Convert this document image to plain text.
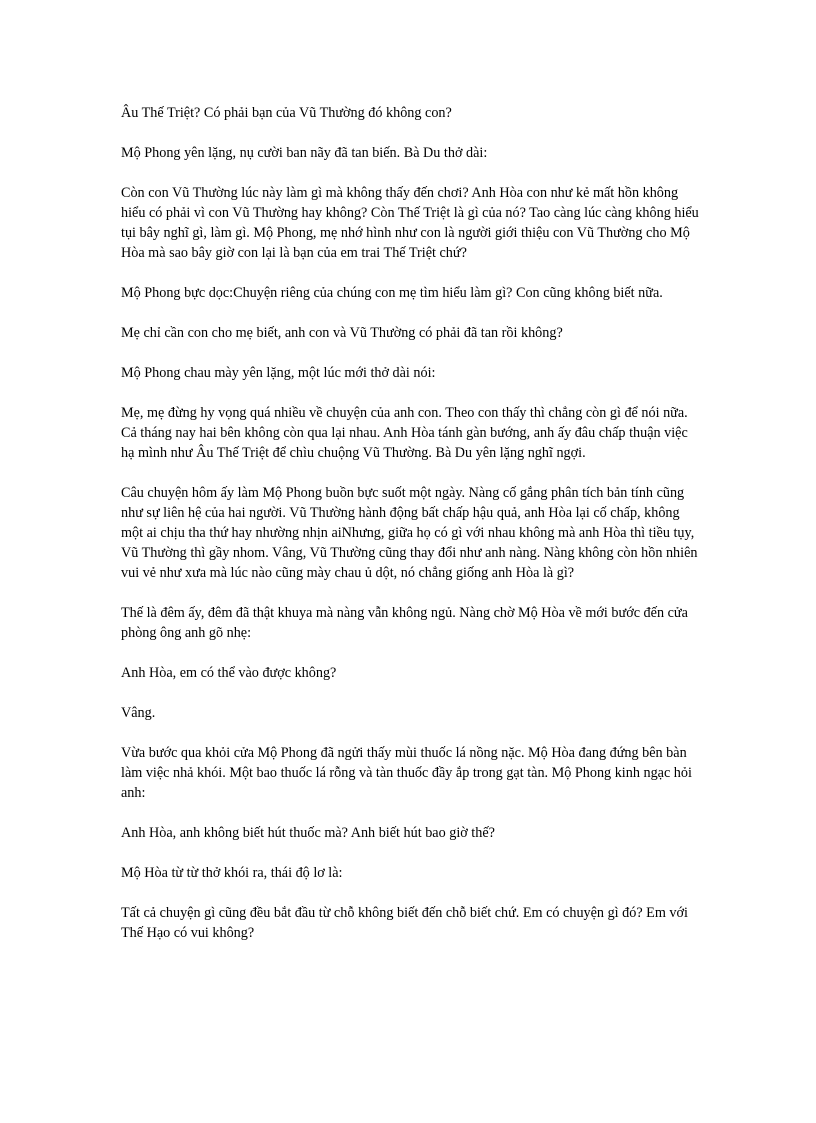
Âu Thế Triệt? Có phải bạn của Vũ Thường đó không con?

Mộ Phong yên lặng, nụ cười ban nãy đã tan biến. Bà Du thở dài:

Còn con Vũ Thường lúc này làm gì mà không thấy đến chơi? Anh Hòa con như kẻ mất hồn không hiểu có phải vì con Vũ Thường hay không? Còn Thế Triệt là gì của nó? Tao càng lúc càng không hiểu tụi bây nghĩ gì, làm gì. Mộ Phong, mẹ nhớ hình như con là người giới thiệu con Vũ Thường cho Mộ Hòa mà sao bây giờ con lại là bạn của em trai Thế Triệt chứ?

Mộ Phong bực dọc:Chuyện riêng của chúng con mẹ tìm hiểu làm gì? Con cũng không biết nữa.

Mẹ chỉ cần con cho mẹ biết, anh con và Vũ Thường có phải đã tan rồi không?

Mộ Phong chau mày yên lặng, một lúc mới thở dài nói:

Mẹ, mẹ đừng hy vọng quá nhiều về chuyện của anh con. Theo con thấy thì chẳng còn gì để nói nữa. Cả tháng nay hai bên không còn qua lại nhau. Anh Hòa tánh gàn bướng, anh ấy đâu chấp thuận việc hạ mình như Âu Thế Triệt để chìu chuộng Vũ Thường. Bà Du yên lặng nghĩ ngợi.

Câu chuyện hôm ấy làm Mộ Phong buồn bực suốt một ngày. Nàng cố gắng phân tích bản tính cũng như sự liên hệ của hai người. Vũ Thường hành động bất chấp hậu quả, anh Hòa lại cố chấp, không một ai chịu tha thứ hay nhường nhịn aiNhưng, giữa họ có gì với nhau không mà anh Hòa thì tiều tụy, Vũ Thường thì gầy nhom. Vâng, Vũ Thường cũng thay đổi như anh nàng. Nàng không còn hồn nhiên vui vẻ như xưa mà lúc nào cũng mày chau ủ dột, nó chẳng giống anh Hòa là gì?

Thế là đêm ấy, đêm đã thật khuya mà nàng vẫn không ngủ. Nàng chờ Mộ Hòa về mới bước đến cửa phòng ông anh gõ nhẹ:

Anh Hòa, em có thể vào được không?

Vâng.

Vừa bước qua khỏi cửa Mộ Phong đã ngửi thấy mùi thuốc lá nồng nặc. Mộ Hòa đang đứng bên bàn làm việc nhả khói. Một bao thuốc lá rỗng và tàn thuốc đầy ắp trong gạt tàn. Mộ Phong kinh ngạc hỏi anh:

Anh Hòa, anh không biết hút thuốc mà? Anh biết hút bao giờ thế?

Mộ Hòa từ từ thở khói ra, thái độ lơ là:

Tất cả chuyện gì cũng đều bắt đầu từ chỗ không biết đến chỗ biết chứ. Em có chuyện gì đó? Em với Thế Hạo có vui không?
